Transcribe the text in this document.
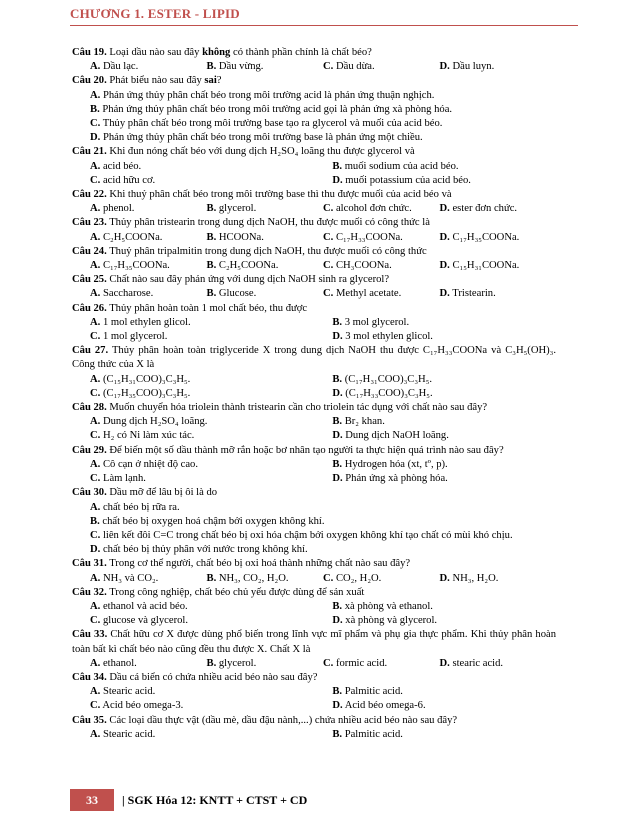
CHƯƠNG 1. ESTER - LIPID
Câu 19. Loại dầu nào sau đây không có thành phần chính là chất béo?
A. Dầu lạc.	B. Dầu vừng.	C. Dầu dừa.	D. Dầu luyn.
Câu 20. Phát biểu nào sau đây sai?
A. Phản ứng thủy phân chất béo trong môi trường acid là phản ứng thuận nghịch.
B. Phản ứng thủy phân chất béo trong môi trường acid gọi là phản ứng xà phòng hóa.
C. Thủy phân chất béo trong môi trường base tạo ra glycerol và muối của acid béo.
D. Phản ứng thủy phân chất béo trong môi trường base là phản ứng một chiều.
Câu 21. Khi đun nóng chất béo với dung dịch H₂SO₄ loãng thu được glycerol và
A. acid béo.	B. muối sodium của acid béo.
C. acid hữu cơ.	D. muối potassium của acid béo.
Câu 22. Khi thuỷ phân chất béo trong môi trường base thì thu được muối của acid béo và
A. phenol.	B. glycerol.	C. alcohol đơn chức.	D. ester đơn chức.
Câu 23. Thủy phân tristearin trong dung dịch NaOH, thu được muối có công thức là
A. C₂H₅COONa.	B. HCOONa.	C. C₁₇H₃₃COONa.	D. C₁₇H₃₅COONa.
Câu 24. Thuỷ phân tripalmitin trong dung dịch NaOH, thu được muối có công thức
A. C₁₇H₃₅COONa.	B. C₂H₅COONa.	C. CH₃COONa.	D. C₁₅H₃₁COONa.
Câu 25. Chất nào sau đây phản ứng với dung dịch NaOH sinh ra glycerol?
A. Saccharose.	B. Glucose.	C. Methyl acetate.	D. Tristearin.
Câu 26. Thủy phân hoàn toàn 1 mol chất béo, thu được
A. 1 mol ethylen glicol.	B. 3 mol glycerol.
C. 1 mol glycerol.	D. 3 mol ethylen glicol.
Câu 27. Thủy phân hoàn toàn triglyceride X trong dung dịch NaOH thu được C₁₇H₃₃COONa và C₃H₅(OH)₃. Công thức của X là
A. (C₁₅H₃₁COO)₃C₃H₅.	B. (C₁₇H₃₁COO)₃C₃H₅.
C. (C₁₇H₃₅COO)₃C₃H₅.	D. (C₁₇H₃₃COO)₃C₃H₅.
Câu 28. Muốn chuyển hóa triolein thành tristearin cần cho triolein tác dụng với chất nào sau đây?
A. Dung dịch H₂SO₄ loãng.	B. Br₂ khan.
C. H₂ có Ni làm xúc tác.	D. Dung dịch NaOH loãng.
Câu 29. Để biến một số dầu thành mỡ rắn hoặc bơ nhân tạo người ta thực hiện quá trình nào sau đây?
A. Cô cạn ở nhiệt độ cao.	B. Hydrogen hóa (xt, tº, p).
C. Làm lạnh.	D. Phản ứng xà phòng hóa.
Câu 30. Dầu mỡ để lâu bị ôi là do
A. chất béo bị rữa ra.
B. chất béo bị oxygen hoá chậm bởi oxygen không khí.
C. liên kết đôi C=C trong chất béo bị oxi hóa chậm bởi oxygen không khí tạo chất có mùi khó chịu.
D. chất béo bị thủy phân với nước trong không khí.
Câu 31. Trong cơ thể người, chất béo bị oxi hoá thành những chất nào sau đây?
A. NH₃ và CO₂.	B. NH₃, CO₂, H₂O.	C. CO₂, H₂O.	D. NH₃, H₂O.
Câu 32. Trong công nghiệp, chất béo chủ yếu được dùng để sản xuất
A. ethanol và acid béo.	B. xà phòng và ethanol.
C. glucose và glycerol.	D. xà phòng và glycerol.
Câu 33. Chất hữu cơ X được dùng phổ biến trong lĩnh vực mĩ phẩm và phụ gia thực phẩm. Khi thủy phân hoàn toàn bất kì chất béo nào cũng đều thu được X. Chất X là
A. ethanol.	B. glycerol.	C. formic acid.	D. stearic acid.
Câu 34. Dầu cá biển có chứa nhiều acid béo nào sau đây?
A. Stearic acid.	B. Palmitic acid.
C. Acid béo omega-3.	D. Acid béo omega-6.
Câu 35. Các loại dầu thực vật (dầu mè, dầu đậu nành,...) chứa nhiều acid béo nào sau đây?
A. Stearic acid.	B. Palmitic acid.
33	| SGK Hóa 12: KNTT + CTST + CD
